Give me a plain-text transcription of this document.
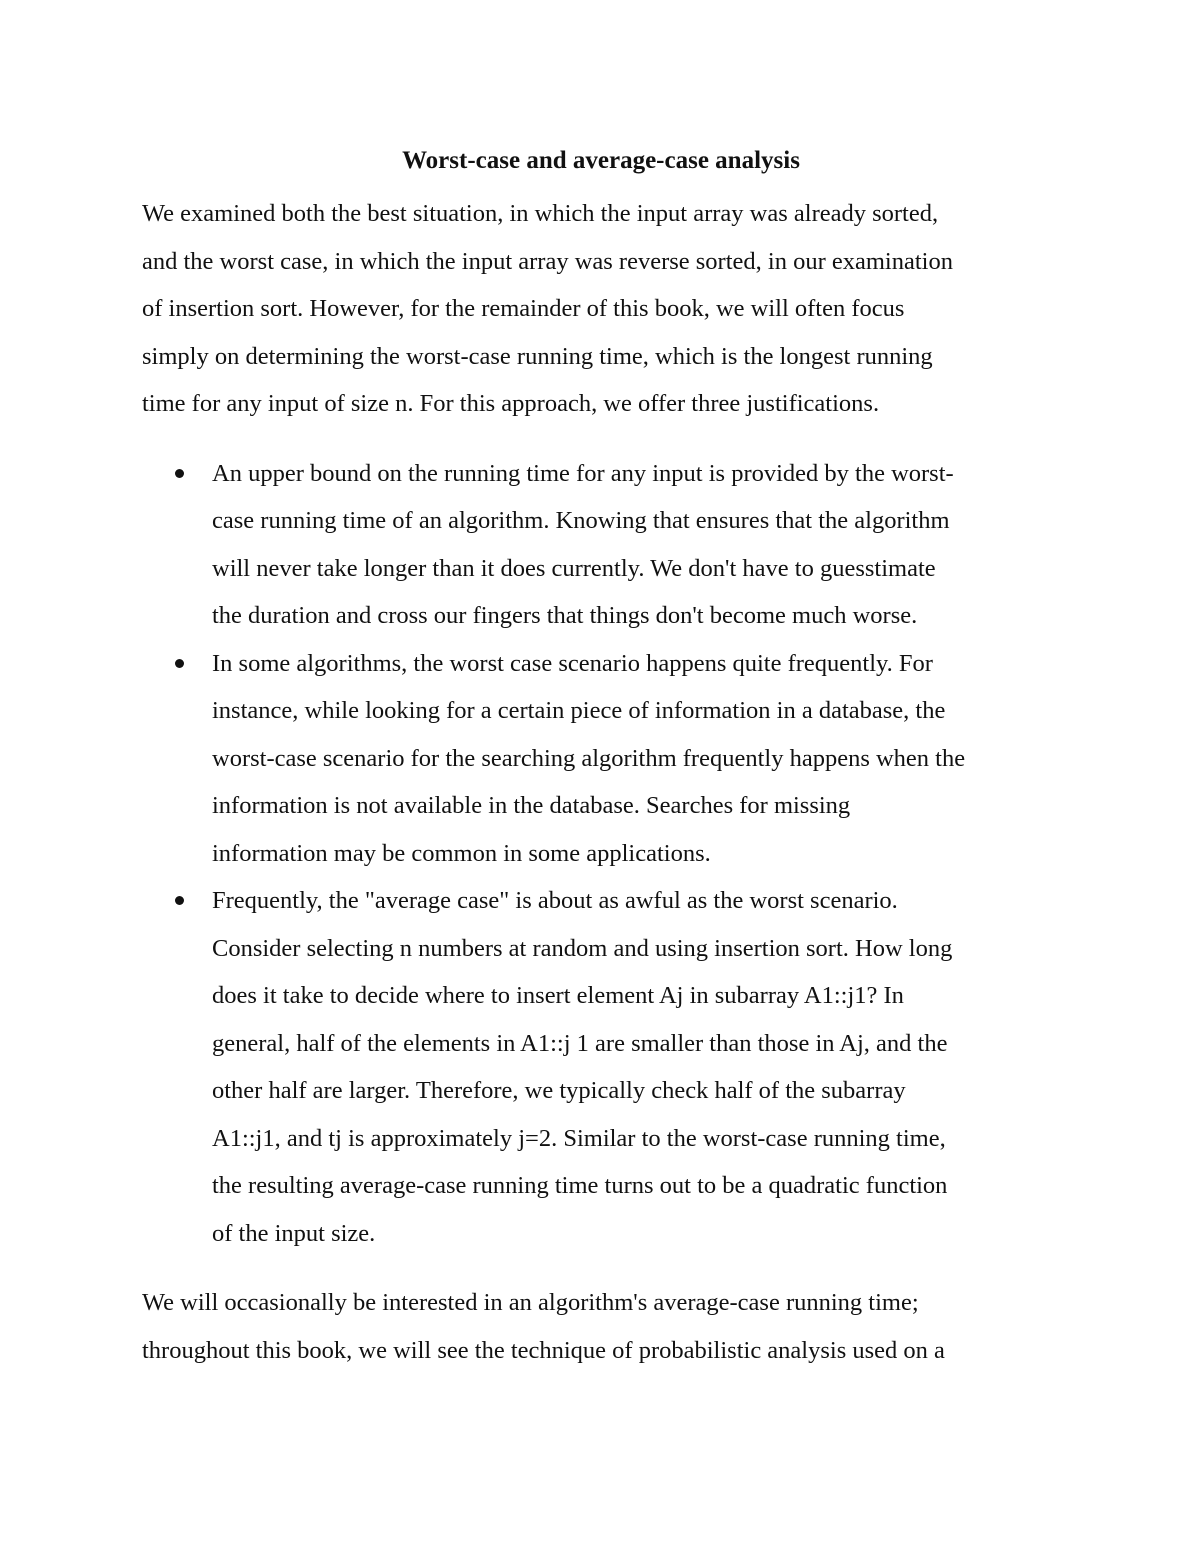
Worst-case and average-case analysis

We examined both the best situation, in which the input array was already sorted,
and the worst case, in which the input array was reverse sorted, in our examination
of insertion sort. However, for the remainder of this book, we will often focus
simply on determining the worst-case running time, which is the longest running
time for any input of size n. For this approach, we offer three justifications.

An upper bound on the running time for any input is provided by the worst-
case running time of an algorithm. Knowing that ensures that the algorithm
will never take longer than it does currently. We don't have to guesstimate
the duration and cross our fingers that things don't become much worse.
In some algorithms, the worst case scenario happens quite frequently. For
instance, while looking for a certain piece of information in a database, the
worst-case scenario for the searching algorithm frequently happens when the
information is not available in the database. Searches for missing
information may be common in some applications.
Frequently, the "average case" is about as awful as the worst scenario.
Consider selecting n numbers at random and using insertion sort. How long
does it take to decide where to insert element Aj in subarray A1::j1? In
general, half of the elements in A1::j 1 are smaller than those in Aj, and the
other half are larger. Therefore, we typically check half of the subarray
A1::j1, and tj is approximately j=2. Similar to the worst-case running time,
the resulting average-case running time turns out to be a quadratic function
of the input size.

We will occasionally be interested in an algorithm's average-case running time;
throughout this book, we will see the technique of probabilistic analysis used on a
